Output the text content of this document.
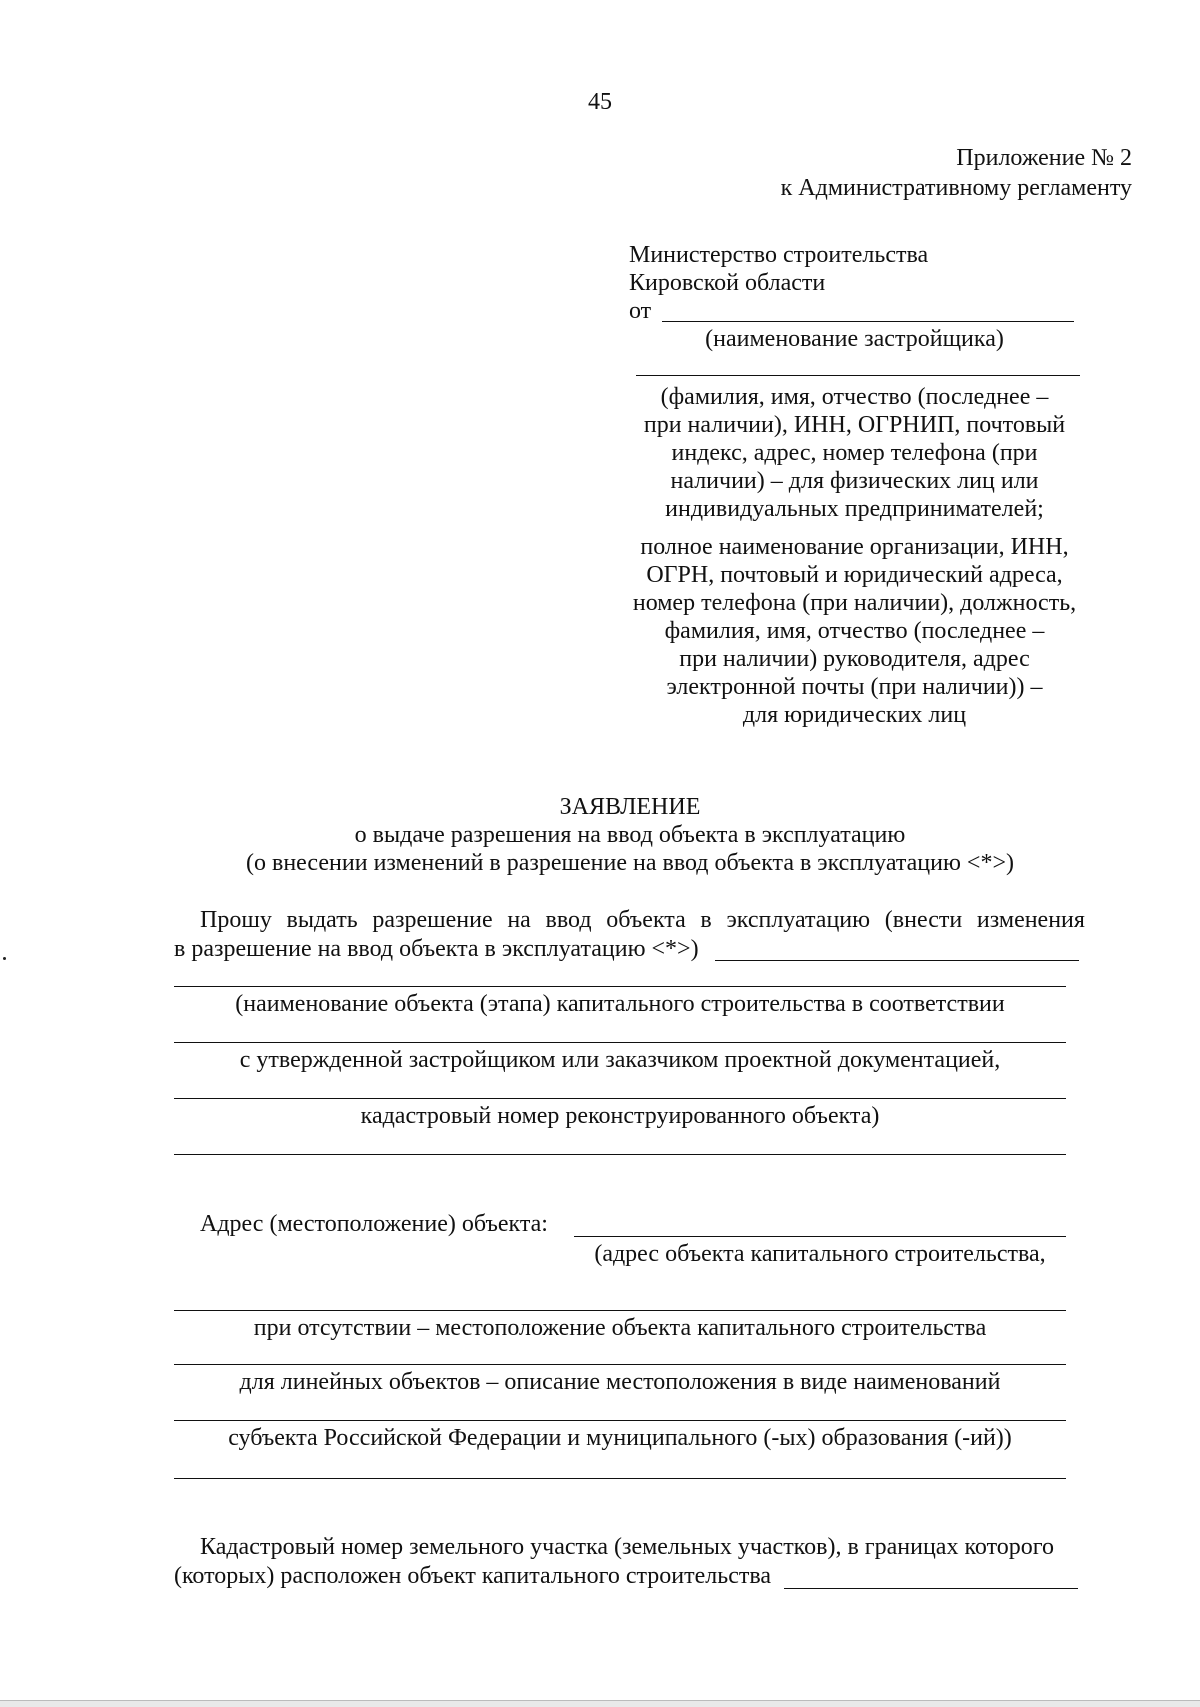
45
Приложение № 2
к Административному регламенту
Министерство строительства
Кировской области
от
(наименование застройщика)
(фамилия, имя, отчество (последнее –
при наличии), ИНН, ОГРНИП, почтовый
индекс, адрес, номер телефона (при
наличии) – для физических лиц или
индивидуальных предпринимателей;
полное наименование организации, ИНН,
ОГРН, почтовый и юридический адреса,
номер телефона (при наличии), должность,
фамилия, имя, отчество (последнее –
при наличии) руководителя, адрес
электронной почты (при наличии)) –
для юридических лиц
ЗАЯВЛЕНИЕ
о выдаче разрешения на ввод объекта в эксплуатацию
(о внесении изменений в разрешение на ввод объекта в эксплуатацию <*>)
Прошу выдать разрешение на ввод объекта в эксплуатацию (внести изменения
в разрешение на ввод объекта в эксплуатацию <*>)
(наименование объекта (этапа) капитального строительства в соответствии
с утвержденной застройщиком или заказчиком проектной документацией,
кадастровый номер реконструированного объекта)
Адрес (местоположение) объекта:
(адрес объекта капитального строительства,
при отсутствии – местоположение объекта капитального строительства
для линейных объектов – описание местоположения в виде наименований
субъекта Российской Федерации и муниципального (-ых) образования (-ий))
Кадастровый номер земельного участка (земельных участков), в границах которого
(которых) расположен объект капитального строительства
